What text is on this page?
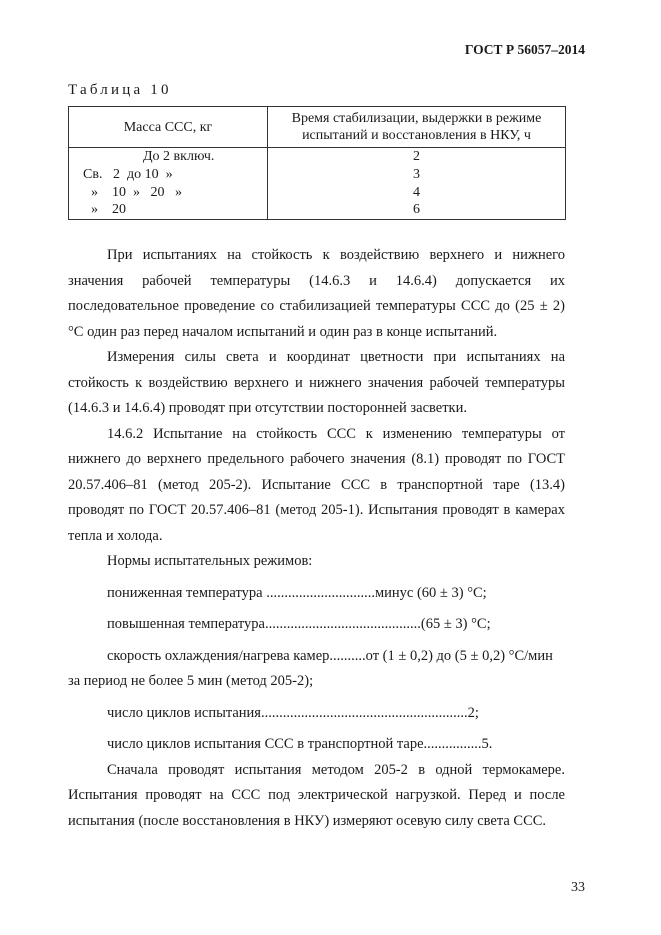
ГОСТ Р 56057–2014
Таблица 10
Масса ССС, кг	Время стабилизации, выдержки в режиме испытаний и восстановления в НКУ, ч
До 2 включ.	2
Св.   2  до 10  »	3
»    10  »   20   »	4
»    20	6

При испытаниях на стойкость к воздействию верхнего и нижнего значения рабочей температуры (14.6.3 и 14.6.4) допускается их последовательное проведение со стабилизацией температуры ССС до (25 ± 2) °С один раз перед началом испытаний и один раз в конце испытаний.

Измерения силы света и координат цветности при испытаниях на стойкость к воздействию верхнего и нижнего значения рабочей температуры (14.6.3 и 14.6.4) проводят при отсутствии посторонней засветки.

14.6.2 Испытание на стойкость ССС к изменению температуры от нижнего до верхнего предельного рабочего значения (8.1) проводят по ГОСТ 20.57.406–81 (метод 205-2). Испытание ССС в транспортной таре (13.4) проводят по ГОСТ 20.57.406–81 (метод 205-1). Испытания проводят в камерах тепла и холода.

Нормы испытательных режимов:

пониженная температура ..............................минус (60 ± 3) °С;

повышенная температура...........................................(65 ± 3) °С;

скорость охлаждения/нагрева камер..........от (1 ± 0,2) до (5 ± 0,2) °С/мин за период не более 5 мин (метод 205-2);

число циклов испытания.........................................................2;

число циклов испытания ССС в транспортной таре................5.

Сначала проводят испытания методом 205-2 в одной термокамере. Испытания проводят на ССС под электрической нагрузкой. Перед и после испытания (после восстановления в НКУ) измеряют осевую силу света ССС.

33
